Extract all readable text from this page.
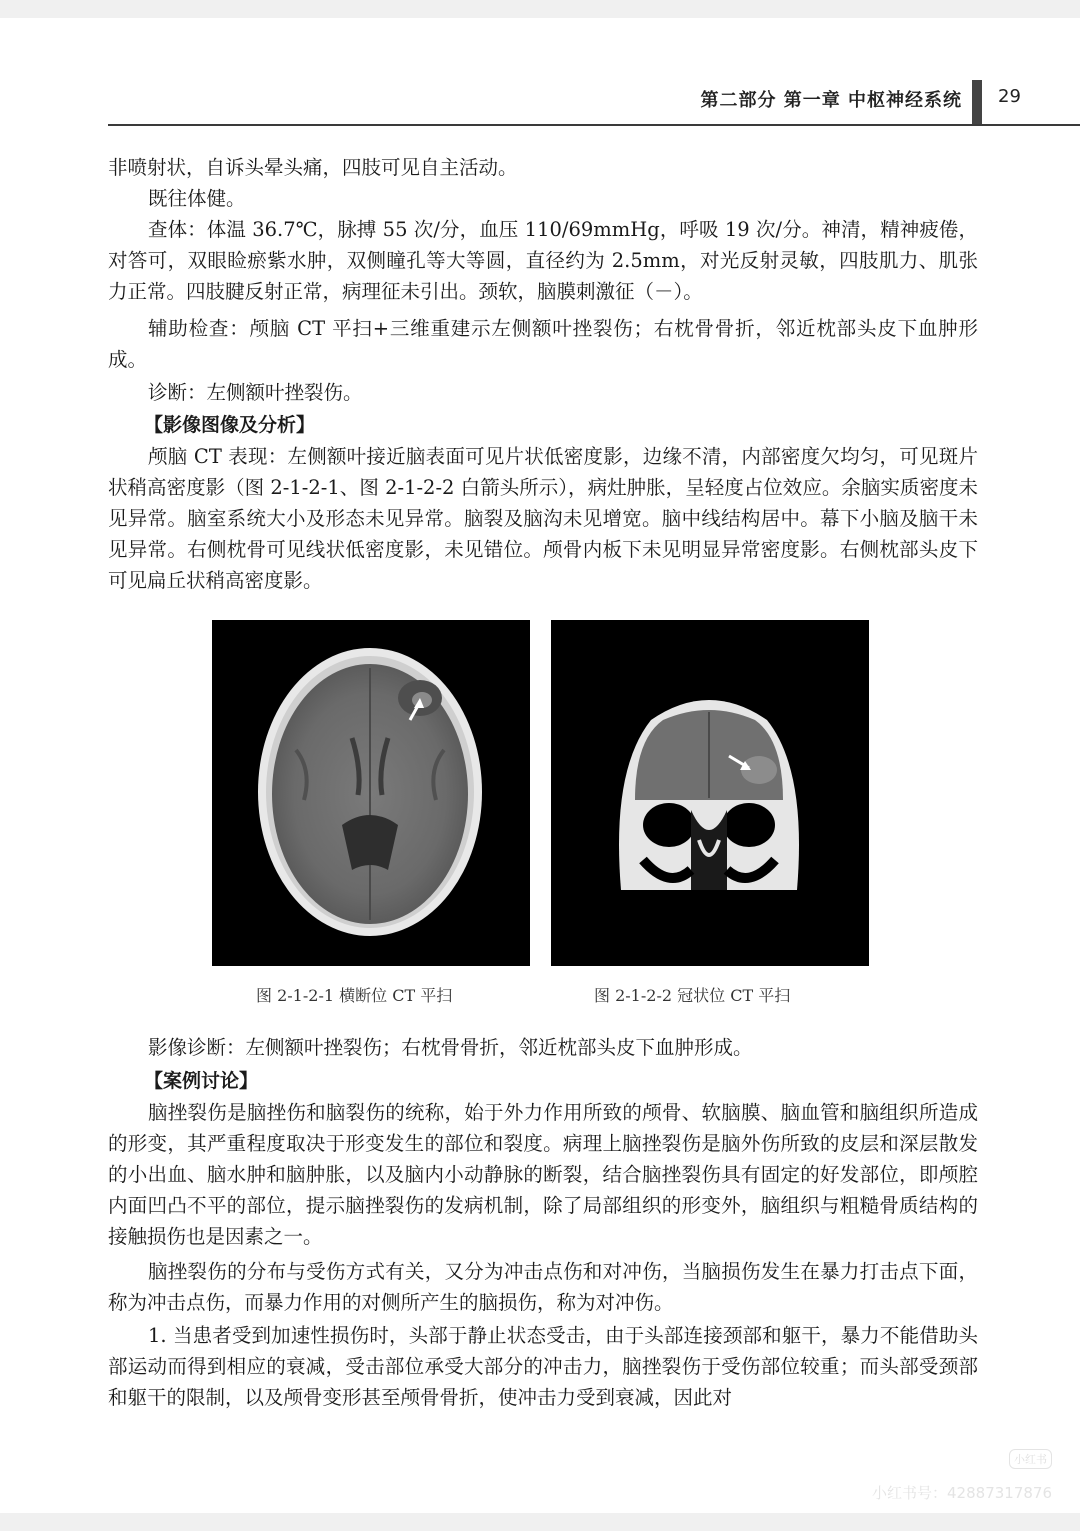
第二部分 第一章 中枢神经系统 29
非喷射状，自诉头晕头痛，四肢可见自主活动。
既往体健。
查体：体温 36.7℃，脉搏 55 次/分，血压 110/69mmHg，呼吸 19 次/分。神清，精神疲倦，对答可，双眼睑瘀紫水肿，双侧瞳孔等大等圆，直径约为 2.5mm，对光反射灵敏，四肢肌力、肌张力正常。四肢腱反射正常，病理征未引出。颈软，脑膜刺激征（－）。
辅助检查：颅脑 CT 平扫+三维重建示左侧额叶挫裂伤；右枕骨骨折，邻近枕部头皮下血肿形成。
诊断：左侧额叶挫裂伤。
【影像图像及分析】
颅脑 CT 表现：左侧额叶接近脑表面可见片状低密度影，边缘不清，内部密度欠均匀，可见斑片状稍高密度影（图 2-1-2-1、图 2-1-2-2 白箭头所示），病灶肿胀，呈轻度占位效应。余脑实质密度未见异常。脑室系统大小及形态未见异常。脑裂及脑沟未见增宽。脑中线结构居中。幕下小脑及脑干未见异常。右侧枕骨可见线状低密度影，未见错位。颅骨内板下未见明显异常密度影。右侧枕部头皮下可见扁丘状稍高密度影。
图 2-1-2-1 横断位 CT 平扫	图 2-1-2-2 冠状位 CT 平扫
影像诊断：左侧额叶挫裂伤；右枕骨骨折，邻近枕部头皮下血肿形成。
【案例讨论】
脑挫裂伤是脑挫伤和脑裂伤的统称，始于外力作用所致的颅骨、软脑膜、脑血管和脑组织所造成的形变，其严重程度取决于形变发生的部位和裂度。病理上脑挫裂伤是脑外伤所致的皮层和深层散发的小出血、脑水肿和脑肿胀，以及脑内小动静脉的断裂，结合脑挫裂伤具有固定的好发部位，即颅腔内面凹凸不平的部位，提示脑挫裂伤的发病机制，除了局部组织的形变外，脑组织与粗糙骨质结构的接触损伤也是因素之一。
脑挫裂伤的分布与受伤方式有关，又分为冲击点伤和对冲伤，当脑损伤发生在暴力打击点下面，称为冲击点伤，而暴力作用的对侧所产生的脑损伤，称为对冲伤。
1. 当患者受到加速性损伤时，头部于静止状态受击，由于头部连接颈部和躯干，暴力不能借助头部运动而得到相应的衰减，受击部位承受大部分的冲击力，脑挫裂伤于受伤部位较重；而头部受颈部和躯干的限制，以及颅骨变形甚至颅骨骨折，使冲击力受到衰减，因此对
小红书
小红书号：4288731787​6
